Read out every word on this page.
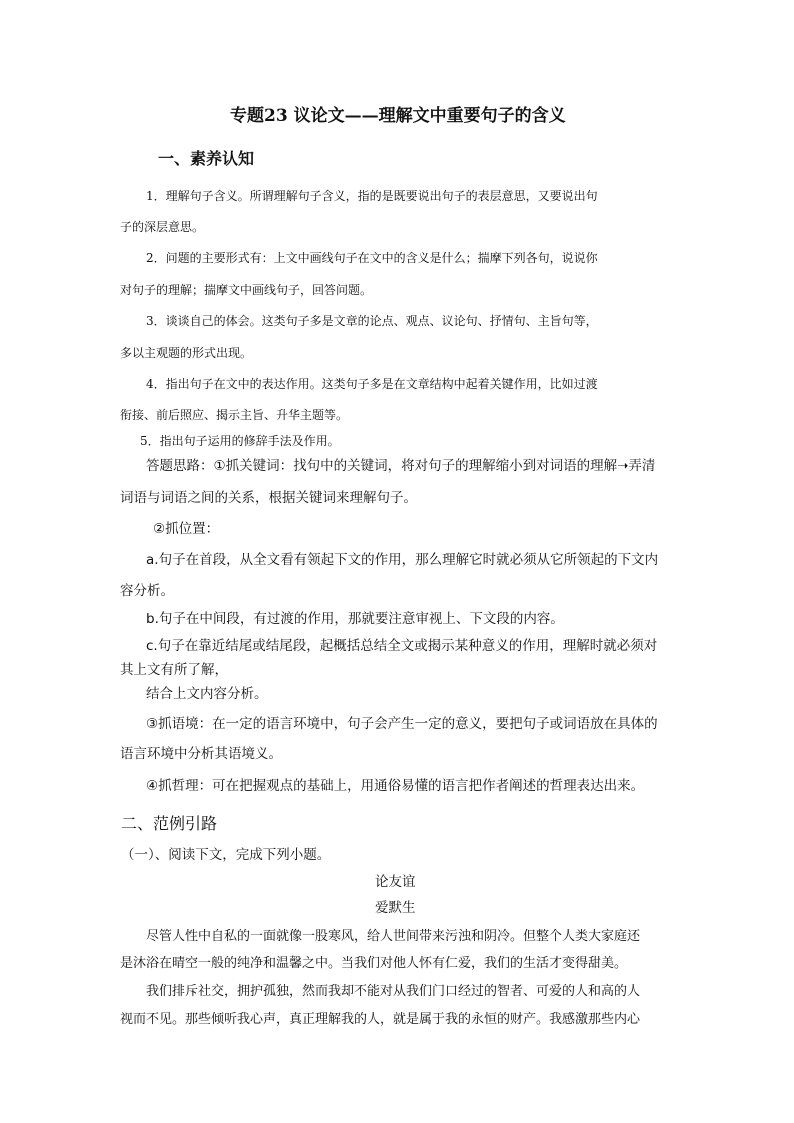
专题23 议论文——理解文中重要句子的含义
一、素养认知
1．理解句子含义。所谓理解句子含义，指的是既要说出句子的表层意思，又要说出句
子的深层意思。
2．问题的主要形式有：上文中画线句子在文中的含义是什么；揣摩下列各句，说说你
对句子的理解；揣摩文中画线句子，回答问题。
3．谈谈自己的体会。这类句子多是文章的论点、观点、议论句、抒情句、主旨句等，
多以主观题的形式出现。
4．指出句子在文中的表达作用。这类句子多是在文章结构中起着关键作用，比如过渡
衔接、前后照应、揭示主旨、升华主题等。
5．指出句子运用的修辞手法及作用。
答题思路：①抓关键词：找句中的关键词，将对句子的理解缩小到对词语的理解➝弄清
词语与词语之间的关系，根据关键词来理解句子。
②抓位置：
a.句子在首段，从全文看有领起下文的作用，那么理解它时就必须从它所领起的下文内
容分析。
b.句子在中间段，有过渡的作用，那就要注意审视上、下文段的内容。
c.句子在靠近结尾或结尾段，起概括总结全文或揭示某种意义的作用，理解时就必须对
其上文有所了解，
结合上文内容分析。
③抓语境：在一定的语言环境中，句子会产生一定的意义，要把句子或词语放在具体的
语言环境中分析其语境义。
④抓哲理：可在把握观点的基础上，用通俗易懂的语言把作者阐述的哲理表达出来。
二、范例引路
（一）、阅读下文，完成下列小题。
论友谊
爱默生
尽管人性中自私的一面就像一股寒风，给人世间带来污浊和阴冷。但整个人类大家庭还
是沐浴在晴空一般的纯净和温馨之中。当我们对他人怀有仁爱，我们的生活才变得甜美。
我们排斥社交，拥护孤独，然而我却不能对从我们门口经过的智者、可爱的人和高的人
视而不见。那些倾听我心声，真正理解我的人，就是属于我的永恒的财产。我感激那些内心
